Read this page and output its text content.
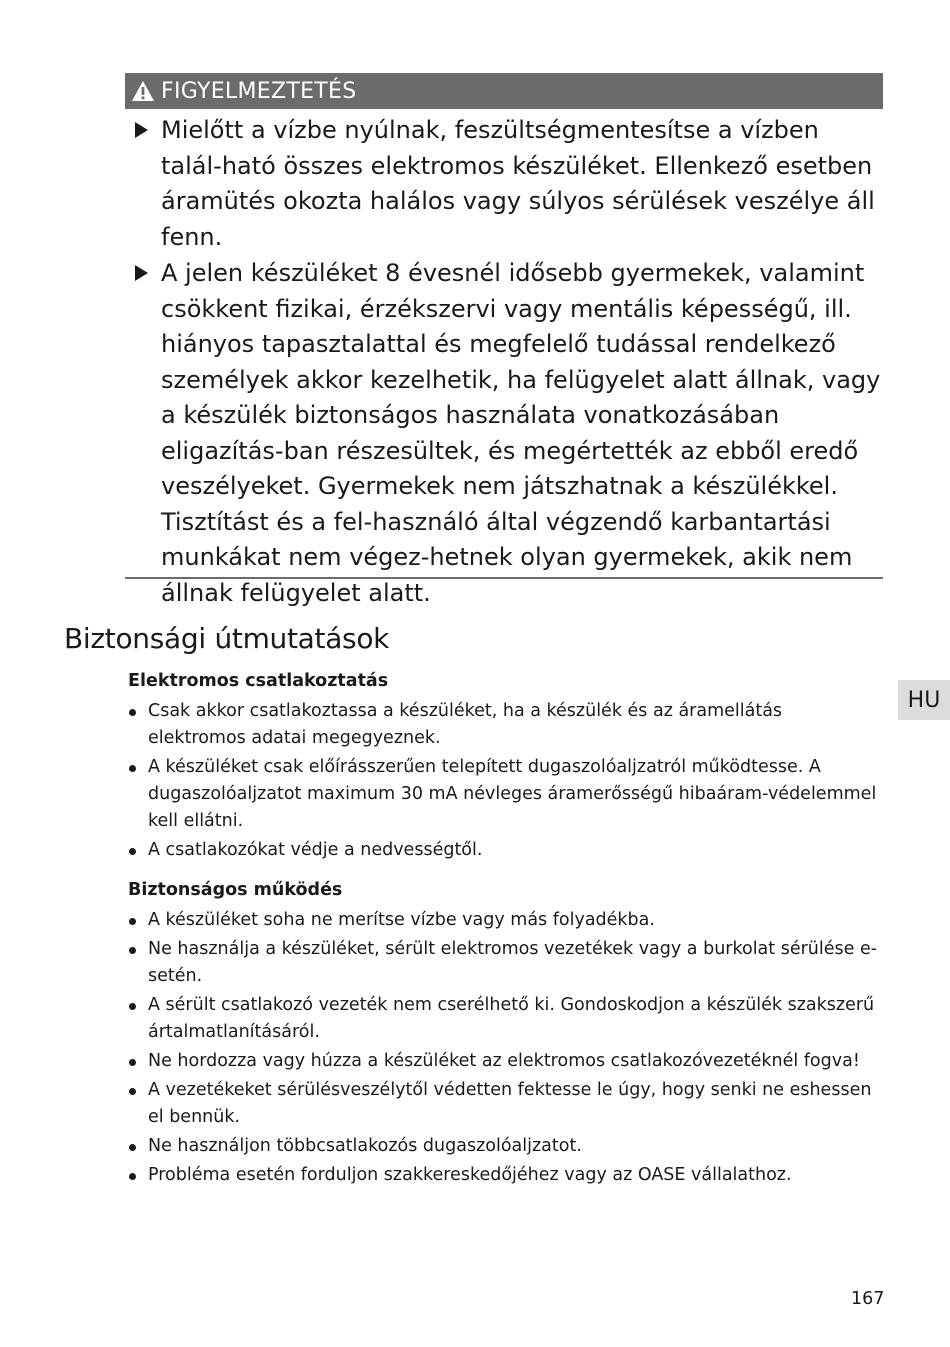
FIGYELMEZTETÉS
Mielőtt a vízbe nyúlnak, feszültségmentesítse a vízben talál-ható összes elektromos készüléket. Ellenkező esetben áramütés okozta halálos vagy súlyos sérülések veszélye áll fenn.
A jelen készüléket 8 évesnél idősebb gyermekek, valamint csökkent fizikai, érzékszervi vagy mentális képességű, ill. hiányos tapasztalattal és megfelelő tudással rendelkező személyek akkor kezelhetik, ha felügyelet alatt állnak, vagy a készülék biztonságos használata vonatkozásában eligazítás-ban részesültek, és megértették az ebből eredő veszélyeket. Gyermekek nem játszhatnak a készülékkel. Tisztítást és a fel-használó által végzendő karbantartási munkákat nem végez-hetnek olyan gyermekek, akik nem állnak felügyelet alatt.
Biztonsági útmutatások
Elektromos csatlakoztatás
Csak akkor csatlakoztassa a készüléket, ha a készülék és az áramellátás elektromos adatai megegyeznek.
A készüléket csak előírásszerűen telepített dugaszolóaljzatról működtesse. A dugaszolóaljzatot maximum 30 mA névleges áramerősségű hibaáram-védelemmel kell ellátni.
A csatlakozókat védje a nedvességtől.
Biztonságos működés
A készüléket soha ne merítse vízbe vagy más folyadékba.
Ne használja a készüléket, sérült elektromos vezetékek vagy a burkolat sérülése e-setén.
A sérült csatlakozó vezeték nem cserélhető ki. Gondoskodjon a készülék szakszerű ártalmatlanításáról.
Ne hordozza vagy húzza a készüléket az elektromos csatlakozóvezetéknél fogva!
A vezetékeket sérülésveszélytől védetten fektesse le úgy, hogy senki ne eshessen el bennük.
Ne használjon többcsatlakozós dugaszolóaljzatot.
Probléma esetén forduljon szakkereskedőjéhez vagy az OASE vállalathoz.
HU
167
